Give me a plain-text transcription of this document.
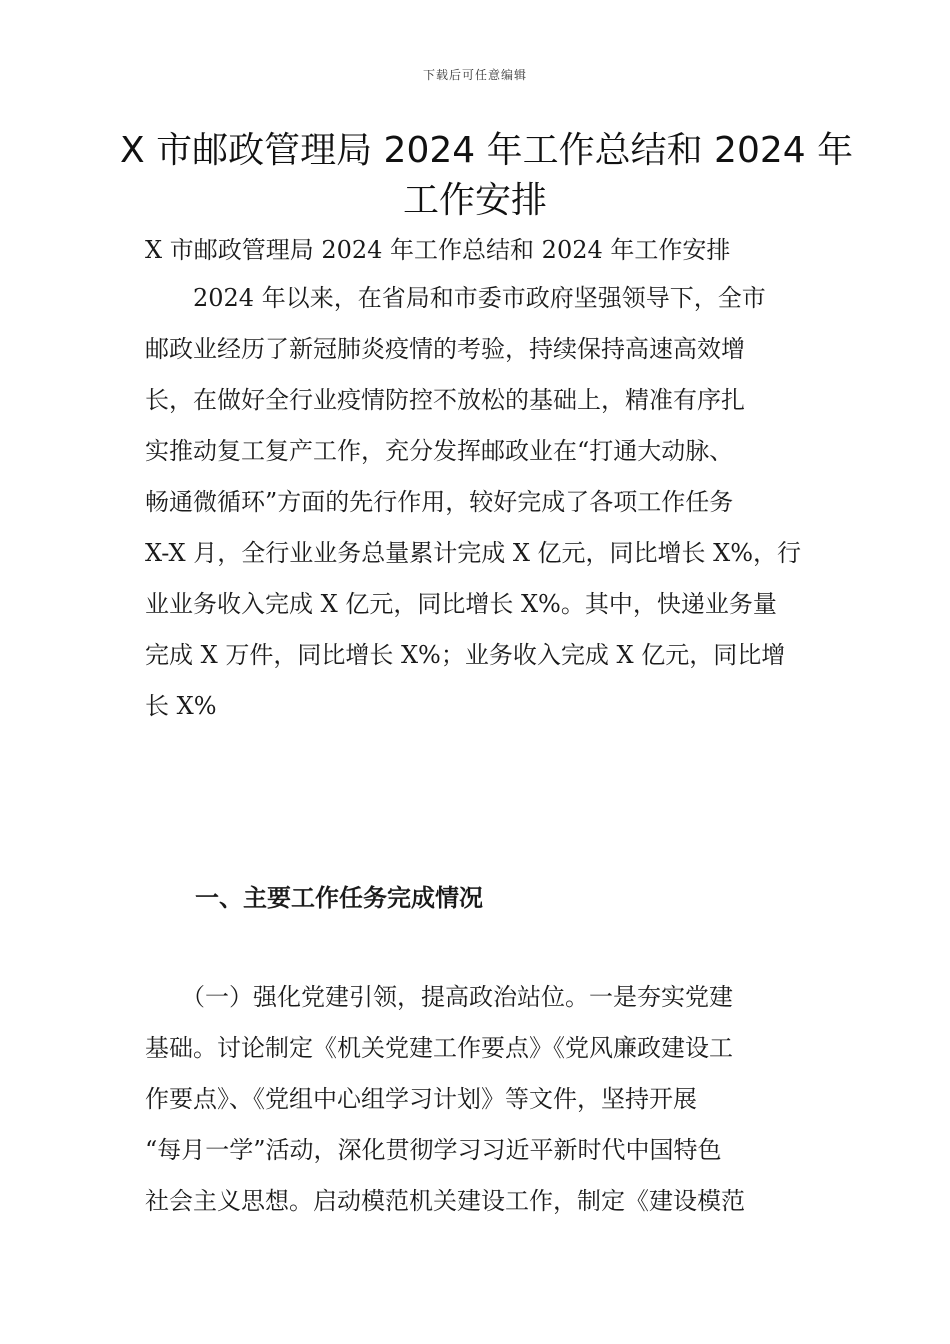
下载后可任意编辑
X 市邮政管理局 2024 年工作总结和 2024 年
工作安排

X 市邮政管理局 2024 年工作总结和 2024 年工作安排

　　2024 年以来，在省局和市委市政府坚强领导下，全市
邮政业经历了新冠肺炎疫情的考验，持续保持高速高效增
长，在做好全行业疫情防控不放松的基础上，精准有序扎
实推动复工复产工作，充分发挥邮政业在“打通大动脉、
畅通微循环”方面的先行作用，较好完成了各项工作任务
X-X 月，全行业业务总量累计完成 X 亿元，同比增长 X%，行
业业务收入完成 X 亿元，同比增长 X%。其中，快递业务量
完成 X 万件，同比增长 X%；业务收入完成 X 亿元，同比增
长 X%

一、主要工作任务完成情况

　　（一）强化党建引领，提高政治站位。一是夯实党建
基础。讨论制定《机关党建工作要点》《党风廉政建设工
作要点》、《党组中心组学习计划》等文件，坚持开展
“每月一学”活动，深化贯彻学习习近平新时代中国特色
社会主义思想。启动模范机关建设工作，制定《建设模范
